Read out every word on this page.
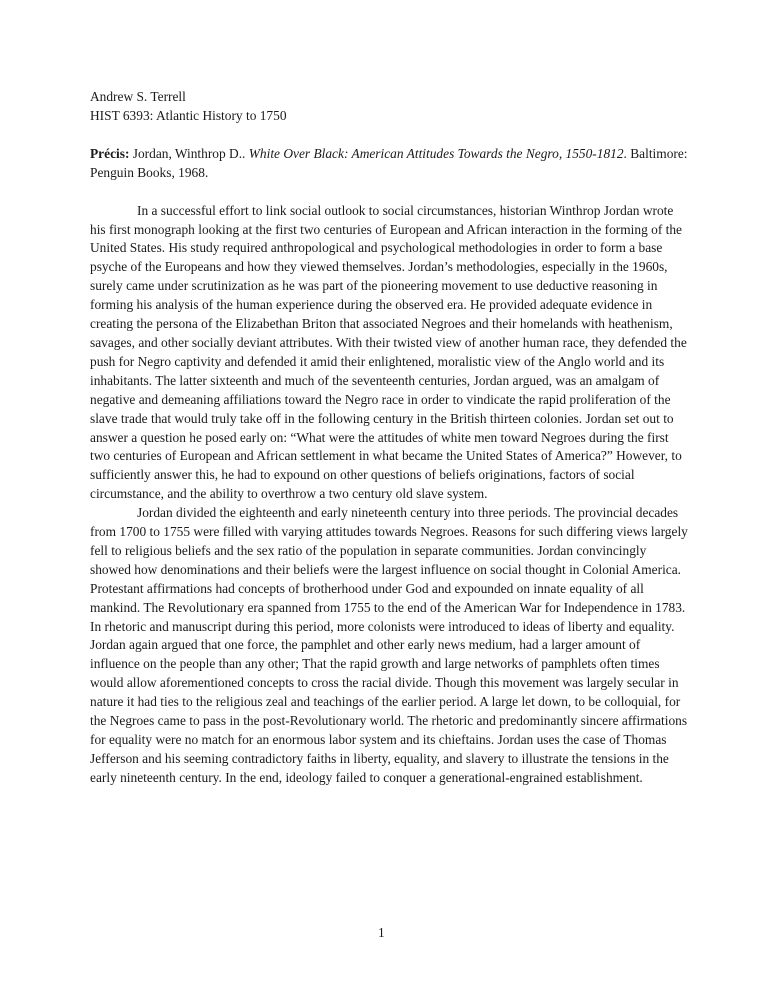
Andrew S. Terrell
HIST 6393: Atlantic History to 1750
Précis: Jordan, Winthrop D.. White Over Black: American Attitudes Towards the Negro, 1550-1812. Baltimore: Penguin Books, 1968.

In a successful effort to link social outlook to social circumstances, historian Winthrop Jordan wrote his first monograph looking at the first two centuries of European and African interaction in the forming of the United States. His study required anthropological and psychological methodologies in order to form a base psyche of the Europeans and how they viewed themselves. Jordan’s methodologies, especially in the 1960s, surely came under scrutinization as he was part of the pioneering movement to use deductive reasoning in forming his analysis of the human experience during the observed era. He provided adequate evidence in creating the persona of the Elizabethan Briton that associated Negroes and their homelands with heathenism, savages, and other socially deviant attributes. With their twisted view of another human race, they defended the push for Negro captivity and defended it amid their enlightened, moralistic view of the Anglo world and its inhabitants. The latter sixteenth and much of the seventeenth centuries, Jordan argued, was an amalgam of negative and demeaning affiliations toward the Negro race in order to vindicate the rapid proliferation of the slave trade that would truly take off in the following century in the British thirteen colonies. Jordan set out to answer a question he posed early on: “What were the attitudes of white men toward Negroes during the first two centuries of European and African settlement in what became the United States of America?” However, to sufficiently answer this, he had to expound on other questions of beliefs originations, factors of social circumstance, and the ability to overthrow a two century old slave system.

Jordan divided the eighteenth and early nineteenth century into three periods. The provincial decades from 1700 to 1755 were filled with varying attitudes towards Negroes. Reasons for such differing views largely fell to religious beliefs and the sex ratio of the population in separate communities. Jordan convincingly showed how denominations and their beliefs were the largest influence on social thought in Colonial America. Protestant affirmations had concepts of brotherhood under God and expounded on innate equality of all mankind. The Revolutionary era spanned from 1755 to the end of the American War for Independence in 1783. In rhetoric and manuscript during this period, more colonists were introduced to ideas of liberty and equality. Jordan again argued that one force, the pamphlet and other early news medium, had a larger amount of influence on the people than any other; That the rapid growth and large networks of pamphlets often times would allow aforementioned concepts to cross the racial divide. Though this movement was largely secular in nature it had ties to the religious zeal and teachings of the earlier period. A large let down, to be colloquial, for the Negroes came to pass in the post-Revolutionary world. The rhetoric and predominantly sincere affirmations for equality were no match for an enormous labor system and its chieftains. Jordan uses the case of Thomas Jefferson and his seeming contradictory faiths in liberty, equality, and slavery to illustrate the tensions in the early nineteenth century. In the end, ideology failed to conquer a generational-engrained establishment.

1
